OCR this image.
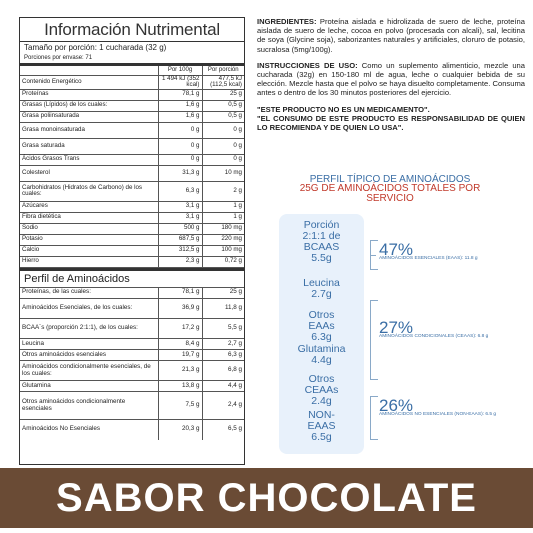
Información Nutrimental
Tamaño por porción: 1 cucharada (32 g)
Porciones por envase: 71
	Por 100g	Por porción
Contenido Energético	1 494 kJ (352 kcal)	477,5 kJ (112,5 kcal)
Proteínas	78,1 g	25 g
Grasas (Lípidos) de los cuales:	1,6 g	0,5 g
Grasa poliinsaturada	1,6 g	0,5 g
Grasa monoinsaturada	0 g	0 g
Grasa saturada	0 g	0 g
Ácidos Grasos Trans	0 g	0 g
Colesterol	31,3 g	10 mg
Carbohidratos (Hidratos de Carbono) de los cuales:	6,3 g	2 g
Azúcares	3,1 g	1 g
Fibra dietética	3,1 g	1 g
Sodio	500 g	180 mg
Potasio	687,5 g	220 mg
Calcio	312,5 g	100 mg
Hierro	2,3 g	0,72 g
Perfil de Aminoácidos
Proteínas, de las cuales:	78,1 g	25 g
Aminoácidos Esenciales, de los cuales:	36,9 g	11,8 g
BCAA´s (proporción 2:1:1), de los cuales:	17,2 g	5,5 g
Leucina	8,4 g	2,7 g
Otros aminoácidos esenciales	19,7 g	6,3 g
Aminoácidos condicionalmente esenciales, de los cuales:	21,3 g	6,8 g
Glutamina	13,8 g	4,4 g
Otros aminoácidos condicionalmente esenciales	7,5 g	2,4 g
Aminoácidos No Esenciales	20,3 g	6,5 g

INGREDIENTES: Proteína aislada e hidrolizada de suero de leche, proteína aislada de suero de leche, cocoa en polvo (procesada con alcali), sal, lecitina de soya (Glycine soja), saborizantes naturales y artificiales, cloruro de potasio, sucralosa (5mg/100g).

INSTRUCCIONES DE USO: Como un suplemento alimenticio, mezcle una cucharada (32g) en 150-180 ml de agua, leche o cualquier bebida de su elección. Mezcle hasta que el polvo se haya disuelto completamente. Consuma antes o dentro de los 30 minutos posteriores del ejercicio.

"ESTE PRODUCTO NO ES UN MEDICAMENTO".
"EL CONSUMO DE ESTE PRODUCTO ES RESPONSABILIDAD DE QUIEN LO RECOMIENDA Y DE QUIEN LO USA".
PERFIL TÍPICO DE AMINOÁCIDOS
25G DE AMINOÁCIDOS TOTALES POR SERVICIO
Porción 2:1:1 de BCAAS
5.5g
Leucina
2.7g
Otros EAAs
6.3g
Glutamina
4.4g
Otros CEAAs
2.4g
NON-EAAS
6.5g
47%
AMINOÁCIDOS ESENCIALES (EAAS): 11.8 g
27%
AMINOÁCIDOS CONDICIONALES (CEAAS): 6.8 g
26%
AMINOÁCIDOS NO ESENCIALES (NON-EAAS): 6.5 g
SABOR CHOCOLATE
